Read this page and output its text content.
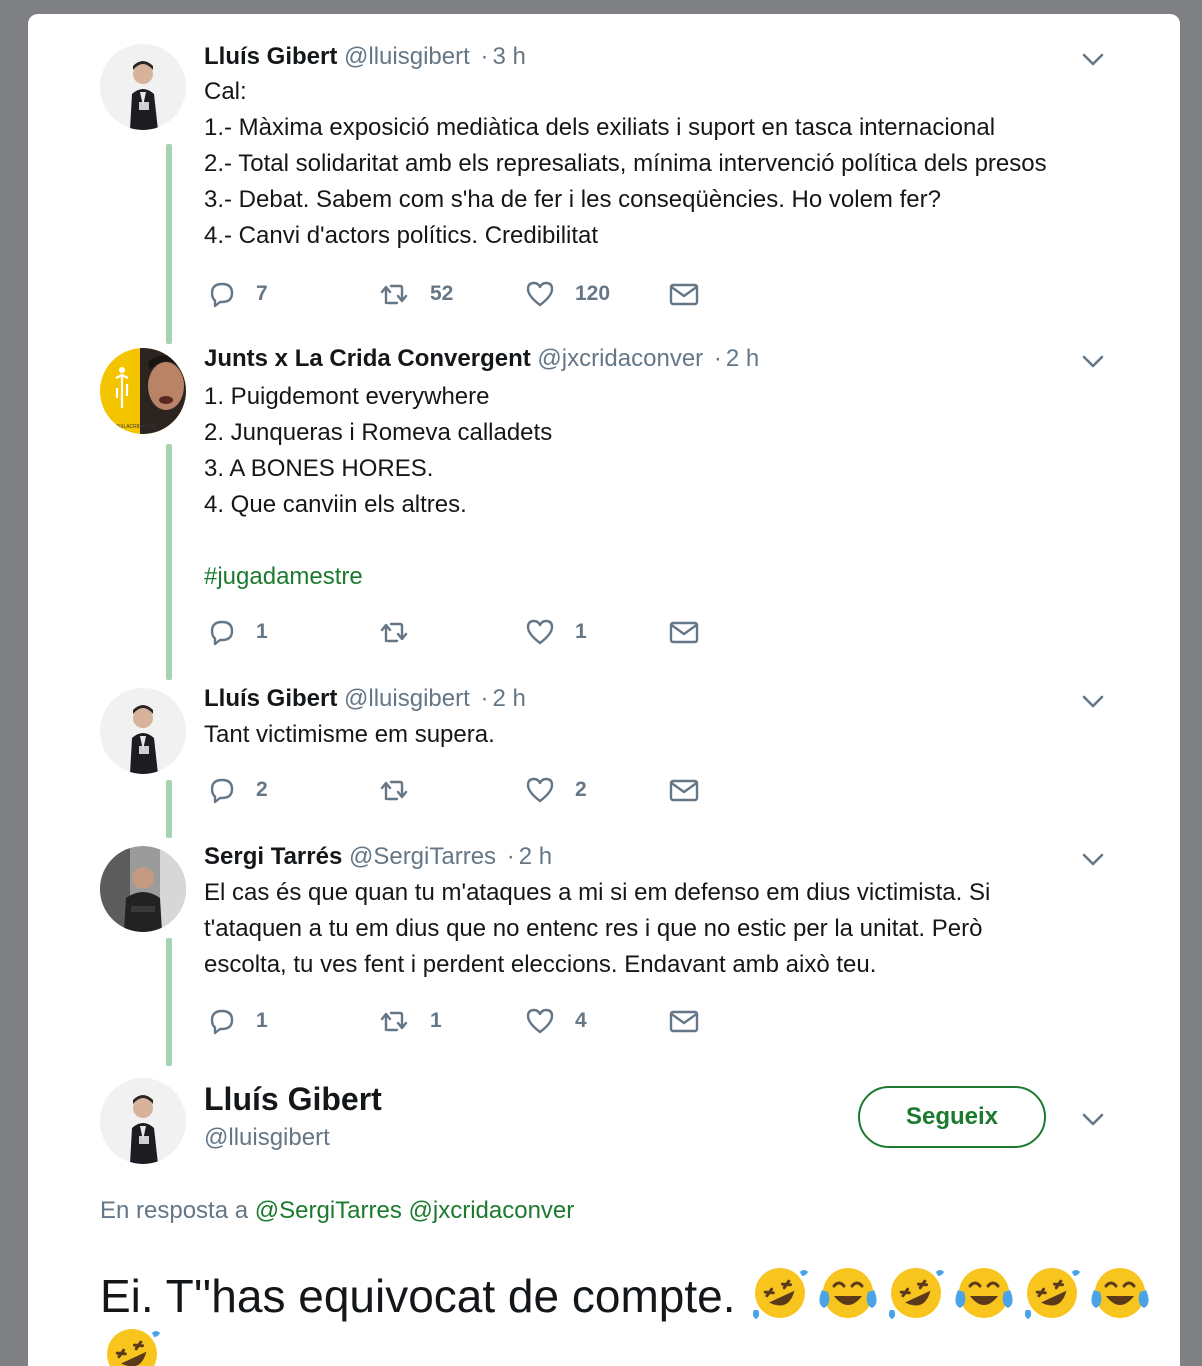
Lluís Gibert @lluisgibert · 3 h
Cal:
1.- Màxima exposició mediàtica dels exiliats i suport en tasca internacional
2.- Total solidaritat amb els represaliats, mínima intervenció política dels presos
3.- Debat. Sabem com s'ha de fer i les conseqüències. Ho volem fer?
4.- Canvi d'actors polítics. Credibilitat
7	52	120
JUNTSXLACRIDA.CAT
Junts x La Crida Convergent @jxcridaconver · 2 h
1. Puigdemont everywhere
2. Junqueras i Romeva calladets
3. A BONES HORES.
4. Que canviin els altres.

#jugadamestre
1	1
Lluís Gibert @lluisgibert · 2 h
Tant victimisme em supera.
2	2
Sergi Tarrés @SergiTarres · 2 h
El cas és que quan tu m'ataques a mi si em defenso em dius victimista. Si
t'ataquen a tu em dius que no entenc res i que no estic per la unitat. Però
escolta, tu ves fent i perdent eleccions. Endavant amb això teu.
1	1	4
Lluís Gibert
@lluisgibert
Segueix
En resposta a @SergiTarres @jxcridaconver
Ei. T''has equivocat de compte.
